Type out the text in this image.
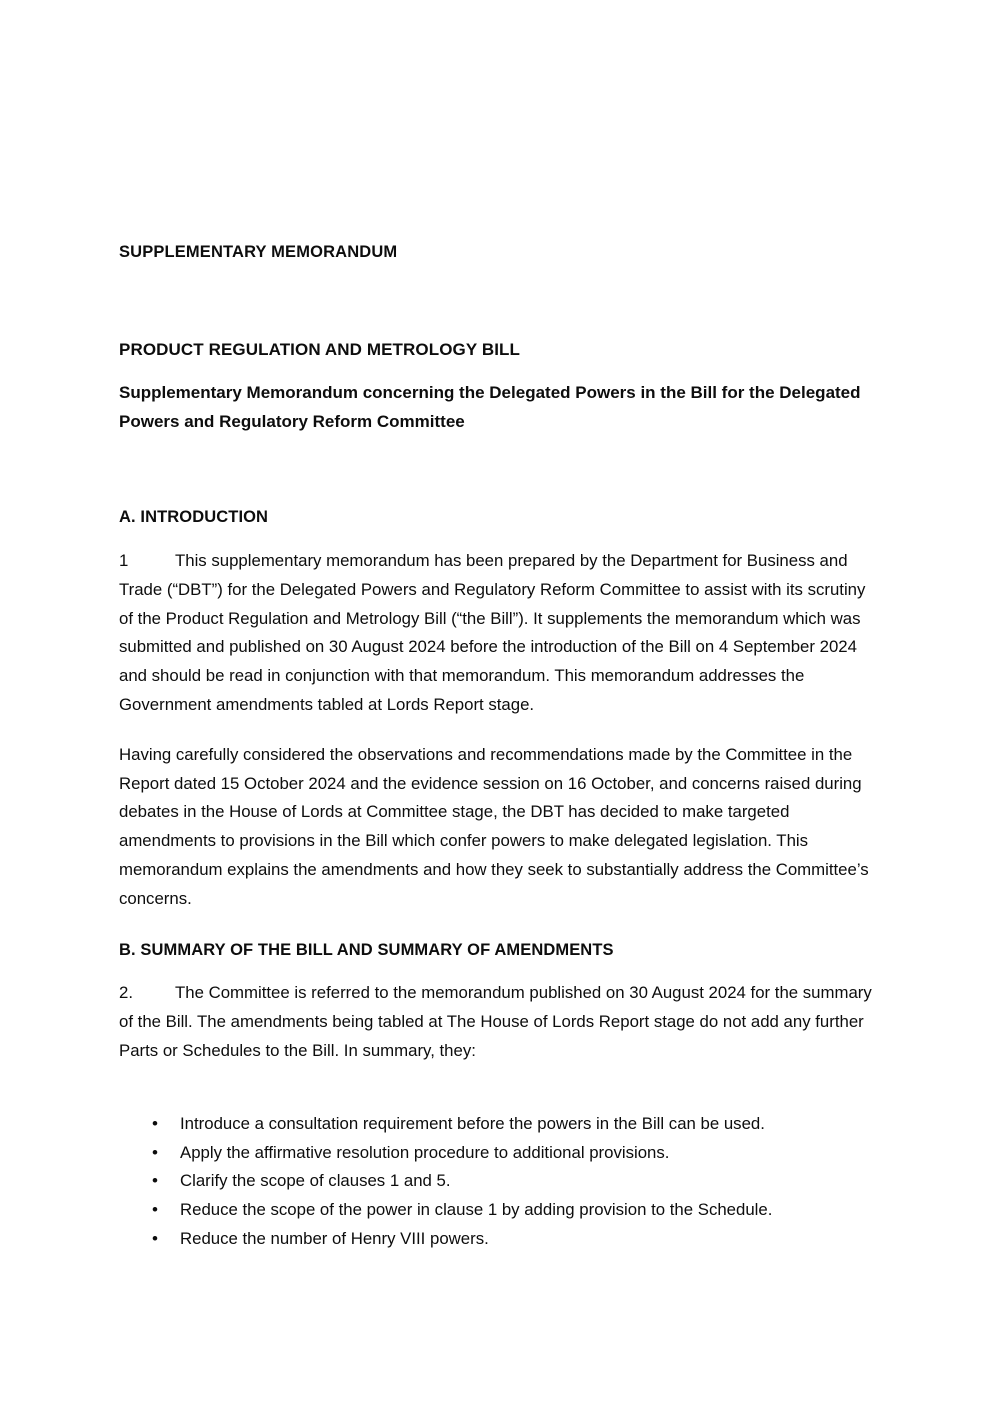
SUPPLEMENTARY MEMORANDUM
PRODUCT REGULATION AND METROLOGY BILL
Supplementary Memorandum concerning the Delegated Powers in the Bill for the Delegated Powers and Regulatory Reform Committee
A. INTRODUCTION

1	This supplementary memorandum has been prepared by the Department for Business and Trade (“DBT”) for the Delegated Powers and Regulatory Reform Committee to assist with its scrutiny of the Product Regulation and Metrology Bill (“the Bill”). It supplements the memorandum which was submitted and published on 30 August 2024 before the introduction of the Bill on 4 September 2024 and should be read in conjunction with that memorandum. This memorandum addresses the Government amendments tabled at Lords Report stage.

Having carefully considered the observations and recommendations made by the Committee in the Report dated 15 October 2024 and the evidence session on 16 October, and concerns raised during debates in the House of Lords at Committee stage, the DBT has decided to make targeted amendments to provisions in the Bill which confer powers to make delegated legislation. This memorandum explains the amendments and how they seek to substantially address the Committee’s concerns.

B. SUMMARY OF THE BILL AND SUMMARY OF AMENDMENTS

2.	The Committee is referred to the memorandum published on 30 August 2024 for the summary of the Bill. The amendments being tabled at The House of Lords Report stage do not add any further Parts or Schedules to the Bill. In summary, they:

• Introduce a consultation requirement before the powers in the Bill can be used.
• Apply the affirmative resolution procedure to additional provisions.
• Clarify the scope of clauses 1 and 5.
• Reduce the scope of the power in clause 1 by adding provision to the Schedule.
• Reduce the number of Henry VIII powers.
